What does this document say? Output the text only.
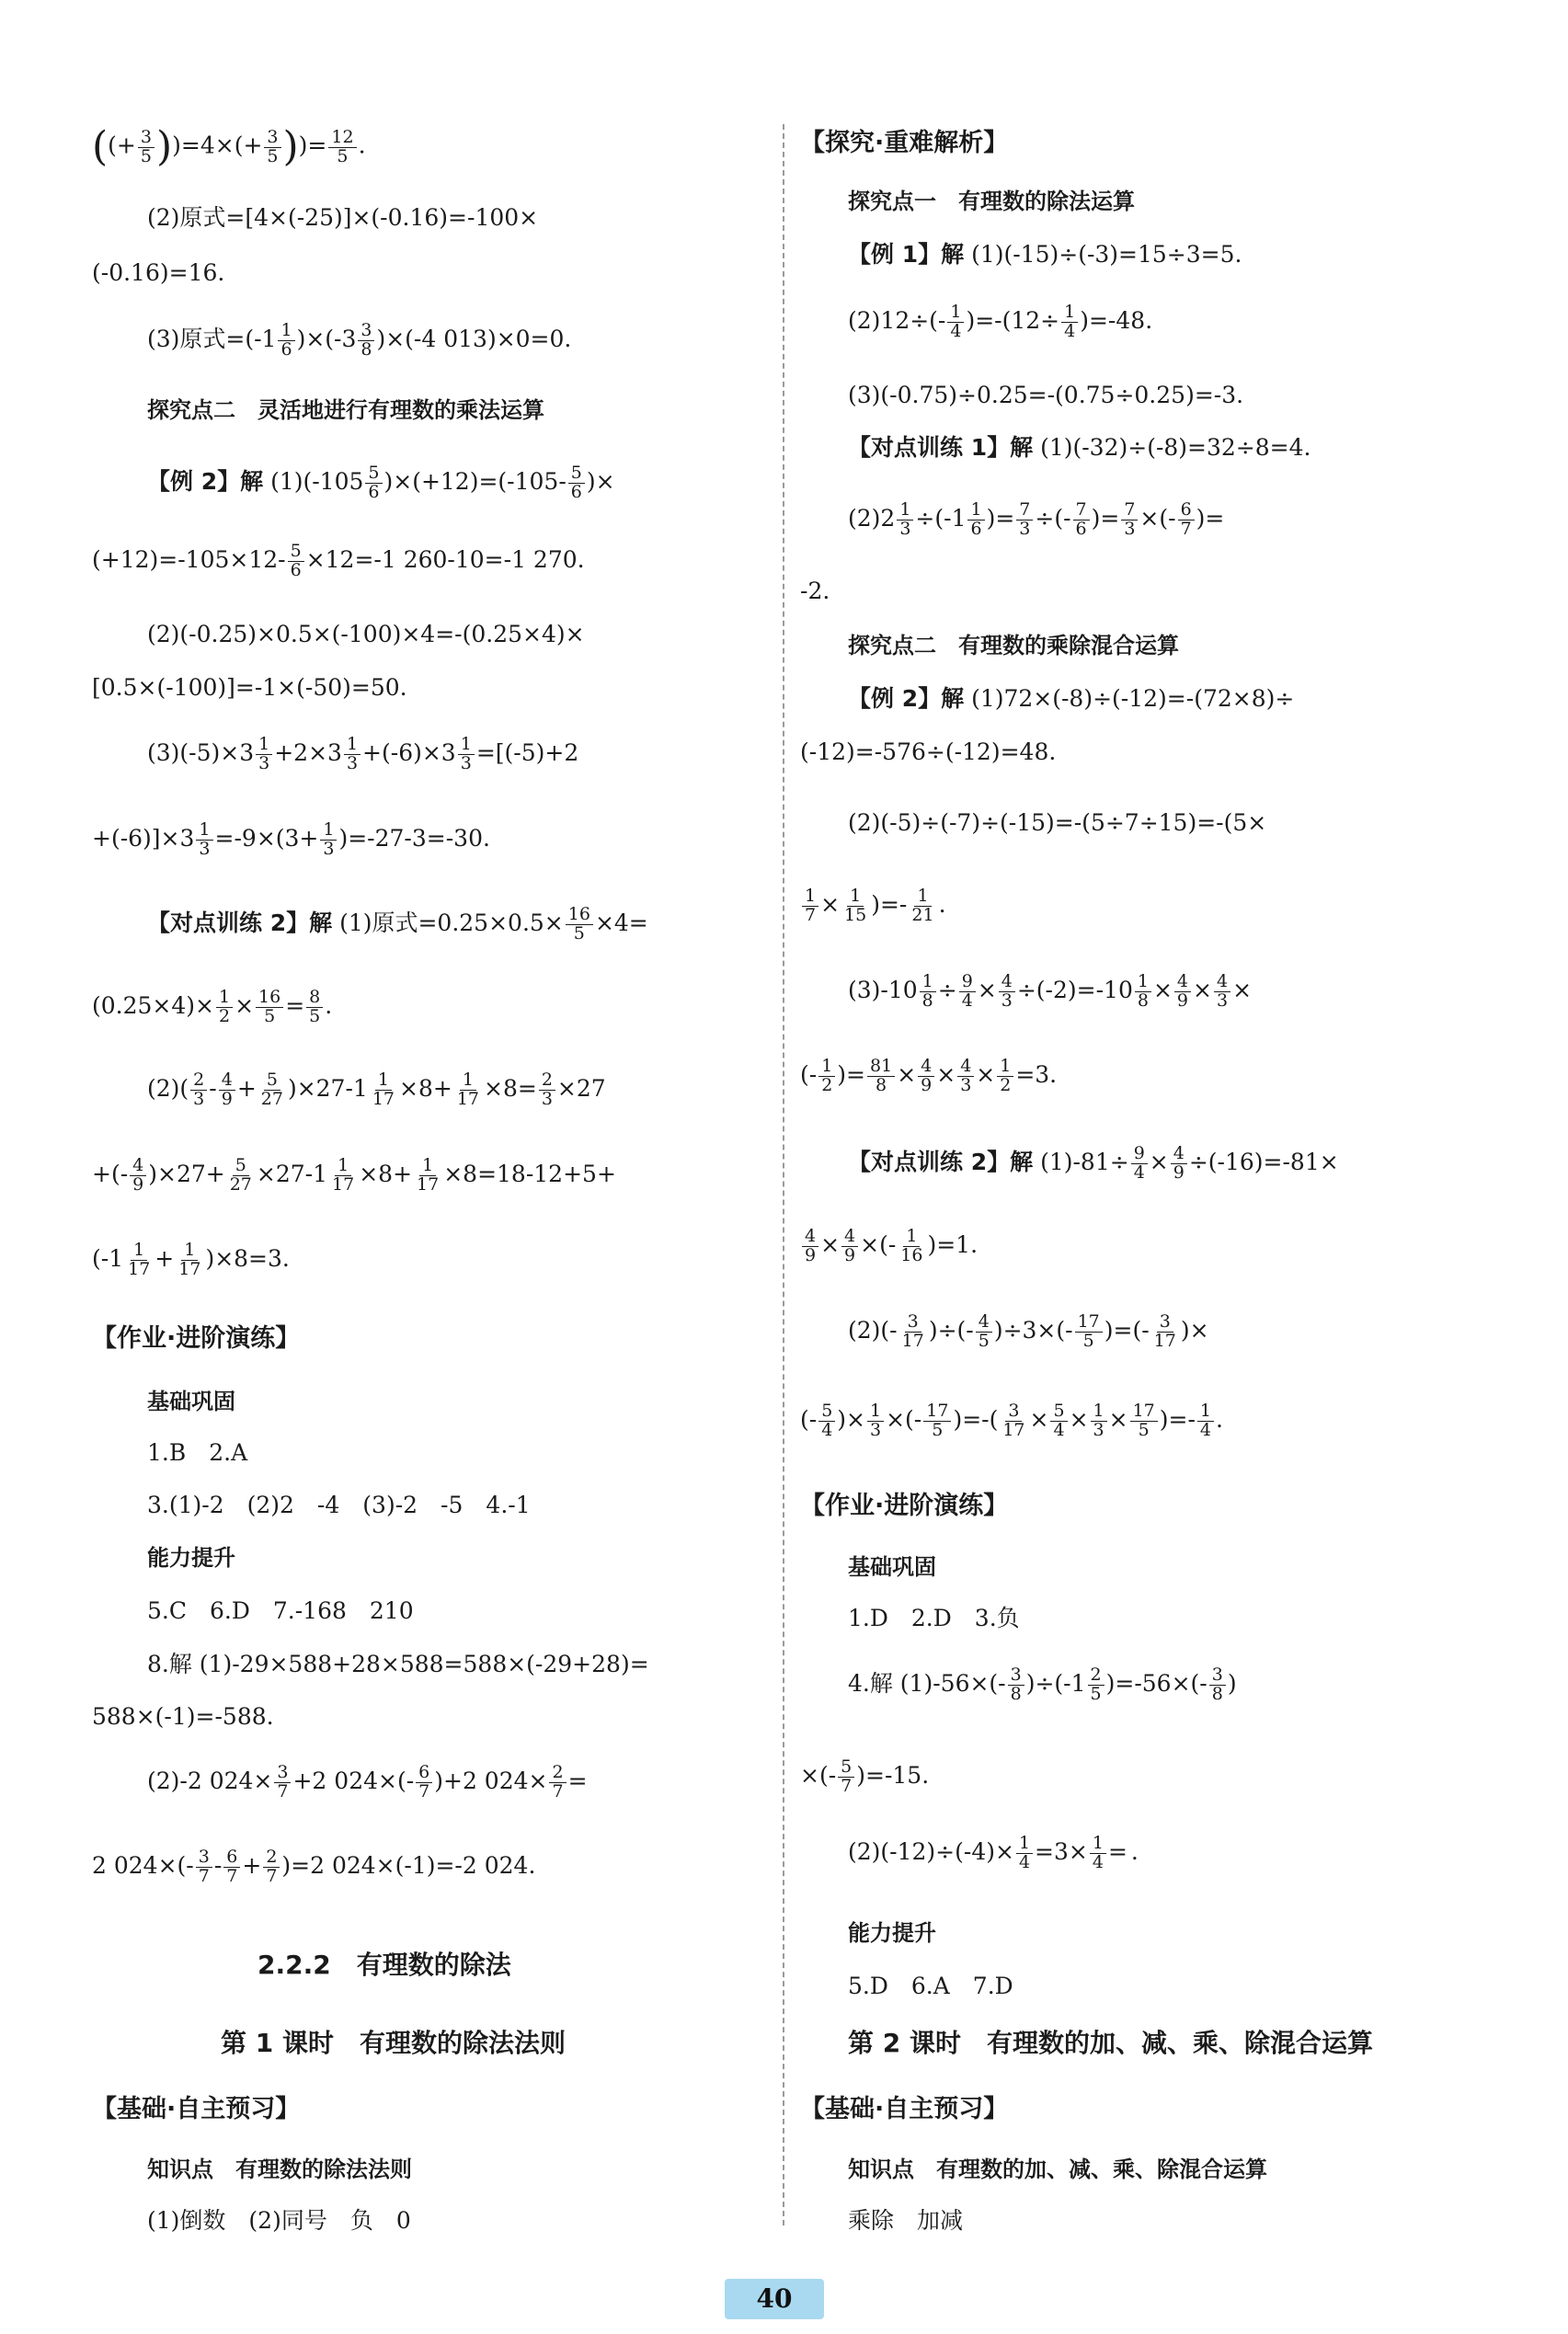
((+ $\frac{3}{5} ))=4\times(+ \frac{3}{5}$ ))= $\frac{12}{5}$ .
(2)原式=[4×(-25)]×(-0.16)=-100×
(-0.16)=16.
(3)原式$=(-1 \frac{1}{6} )\times(-3 \frac{3}{8} )\times(-4$ 013)×0=0.
探究点二　灵活地进行有理数的乘法运算
【例 2】解 $(1)(-105 \frac{5}{6} )\times(+12)=(-105- \frac{5}{6}$ )×
$(+12)=-105\times 12- \frac{5}{6} \times 12=-1$ 260-10=-1 270.
(2)(-0.25)×0.5×(-100)×4=-(0.25×4)×
[0.5×(-100)]=-1×(-50)=50.
$(3)(-5)\times 3 \frac{1}{3} +2\times 3 \frac{1}{3} +(-6)\times 3 \frac{1}{3} =[(-5)+2$
$+(-6)]\times 3 \frac{1}{3} =-9\times(3+ \frac{1}{3} )=-27-3=-30$.
【对点训练 2】解 (1)原式$=0.25\times 0.5\times \frac{16}{5} \times 4=$
$(0.25\times 4)\times \frac{1}{2} \times \frac{16}{5} = \frac{8}{5}$ .
$(2)( \frac{2}{3} - \frac{4}{9} + \frac{5}{27} )\times 27-1 \frac{1}{17} \times 8+ \frac{1}{17} \times 8= \frac{2}{3} \times 27$
+(- $\frac{4}{9} )\times 27+ \frac{5}{27} \times 27-1 \frac{1}{17} \times 8+ \frac{1}{17} \times 8=18-12+5+$
$(-1 \frac{1}{17} + \frac{1}{17} )\times 8=3$.
【作业·进阶演练】
基础巩固
1.B　2.A
3.(1)-2　(2)2　-4　(3)-2　-5　4.-1
能力提升
5.C　6.D　7.-168　210
8.解 (1)-29×588+28×588=588×(-29+28)=
588×(-1)=-588.
(2)-2 $024\times \frac{3}{7} +2$ $024\times(- \frac{6}{7} )+2$ $024\times \frac{2}{7}$ =
2 $024\times(- \frac{3}{7} - \frac{6}{7} + \frac{2}{7} )=2$ 024×(-1)=-2 024.
2.2.2　有理数的除法
第 1 课时　有理数的除法法则
【基础·自主预习】
知识点　有理数的除法法则
(1)倒数　(2)同号　负　0
【探究·重难解析】
探究点一　有理数的除法运算
【例 1】解 (1)(-15)÷(-3)=15÷3=5.
$(2)12\div(- \frac{1}{4} )=-(12\div \frac{1}{4} )=-48$.
(3)(-0.75)÷0.25=-(0.75÷0.25)=-3.
【对点训练 1】解 (1)(-32)÷(-8)=32÷8=4.
$(2)2 \frac{1}{3} \div(-1 \frac{1}{6}$ )= $\frac{7}{3}$ ÷(- $\frac{7}{6}$ )= $\frac{7}{3}$ ×(- $\frac{6}{7}$ )=
-2.
探究点二　有理数的乘除混合运算
【例 2】解 (1)72×(-8)÷(-12)=-(72×8)÷
(-12)=-576÷(-12)=48.
(2)(-5)÷(-7)÷(-15)=-(5÷7÷15)=-(5×
$\frac{1}{7} \times \frac{1}{15}$ )=- $\frac{1}{21}$ .
$(3)-10 \frac{1}{8} \div \frac{9}{4} \times \frac{4}{3} \div(-2)=-10 \frac{1}{8} \times \frac{4}{9} \times \frac{4}{3}$ ×
(- $\frac{1}{2}$ )= $\frac{81}{8} \times \frac{4}{9} \times \frac{4}{3} \times \frac{1}{2} =3$.
【对点训练 2】解 $(1)-81\div \frac{9}{4} \times \frac{4}{9} \div(-16)=-81\times$
$\frac{4}{9} \times \frac{4}{9}$ ×(- $\frac{1}{16} )=1$.
$(2)(- \frac{3}{17}$ )÷(- $\frac{4}{5} )\div 3\times(- \frac{17}{5}$ )=(- $\frac{3}{17}$ )×
(- $\frac{5}{4}$ )× $\frac{1}{3}$ ×(- $\frac{17}{5}$ )=-( $\frac{3}{17} \times \frac{5}{4} \times \frac{1}{3} \times \frac{17}{5}$ )=- $\frac{1}{4}$ .
【作业·进阶演练】
基础巩固
1.D　2.D　3.负
4.解 $(1)-56\times(- \frac{3}{8} )\div(-1 \frac{2}{5} )=-56\times(- \frac{3}{8}$ )
×(- $\frac{5}{7} )=-15$.
$(2)(-12)\div(-4)\times \frac{1}{4} =3\times \frac{1}{4}$ = .
能力提升
5.D　6.A　7.D
第 2 课时　有理数的加、减、乘、除混合运算
【基础·自主预习】
知识点　有理数的加、减、乘、除混合运算
乘除　加减
40
